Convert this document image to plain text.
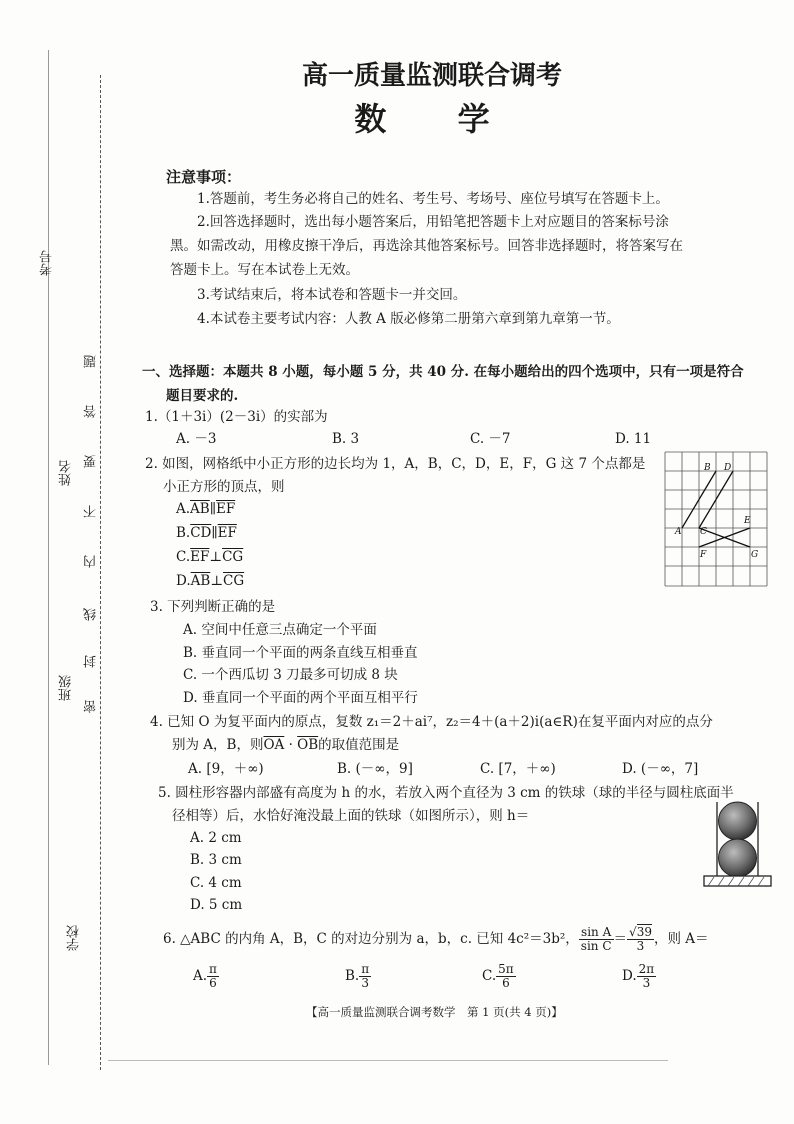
考号
姓名
班级
学校
题
答
要
不
内
线
封
密
高一质量监测联合调考
数 学
注意事项：
1.答题前，考生务必将自己的姓名、考生号、考场号、座位号填写在答题卡上。
2.回答选择题时，选出每小题答案后，用铅笔把答题卡上对应题目的答案标号涂
黑。如需改动，用橡皮擦干净后，再选涂其他答案标号。回答非选择题时，将答案写在
答题卡上。写在本试卷上无效。
3.考试结束后，将本试卷和答题卡一并交回。
4.本试卷主要考试内容：人教 A 版必修第二册第六章到第九章第一节。
一、选择题：本题共 8 小题，每小题 5 分，共 40 分. 在每小题给出的四个选项中，只有一项是符合
题目要求的.
1.（1＋3i）(2－3i）的实部为
A. －3	B. 3	C. －7	D. 11
2. 如图，网格纸中小正方形的边长均为 1，A，B，C，D，E，F，G 这 7 个点都是
小正方形的顶点，则
$A.\overline{AB}\parallel\overline{EF}$
$B.\overline{CD}\parallel\overline{EF}$
$C.\overline{EF}\perp\overline{CG}$
$D.\overline{AB}\perp\overline{CG}$
A
B
C
D
E
F	G
3. 下列判断正确的是
A. 空间中任意三点确定一个平面
B. 垂直同一个平面的两条直线互相垂直
C. 一个西瓜切 3 刀最多可切成 8 块
D. 垂直同一个平面的两个平面互相平行
4. 已知 O 为复平面内的原点，复数 z₁＝2＋ai⁷，z₂＝4＋(a＋2)i(a∈R)在复平面内对应的点分
别为 A，B，则$\overline{OA} \cdot \overline{OB}$的取值范围是
A. [9，＋∞)	B. (－∞，9]	C. [7，＋∞)	D. (－∞，7]
5. 圆柱形容器内部盛有高度为 h 的水，若放入两个直径为 3 cm 的铁球（球的半径与圆柱底面半
径相等）后，水恰好淹没最上面的铁球（如图所示），则 h＝
A. 2 cm
B. 3 cm
C. 4 cm
D. 5 cm
6. △ABC 的内角 A，B，C 的对边分别为 a，b，c. 已知 4c²＝3b²， $\frac{\text{sin A}}{\text{sin C}} = \frac{√39}{3}$ ，则 A＝
A. $\frac{\pi}{6}$	B. $\frac{\pi}{3}$	C. $\frac{5\pi}{6}$	D. $\frac{2\pi}{3}$
【高一质量监测联合调考数学　第 1 页(共 4 页)】
